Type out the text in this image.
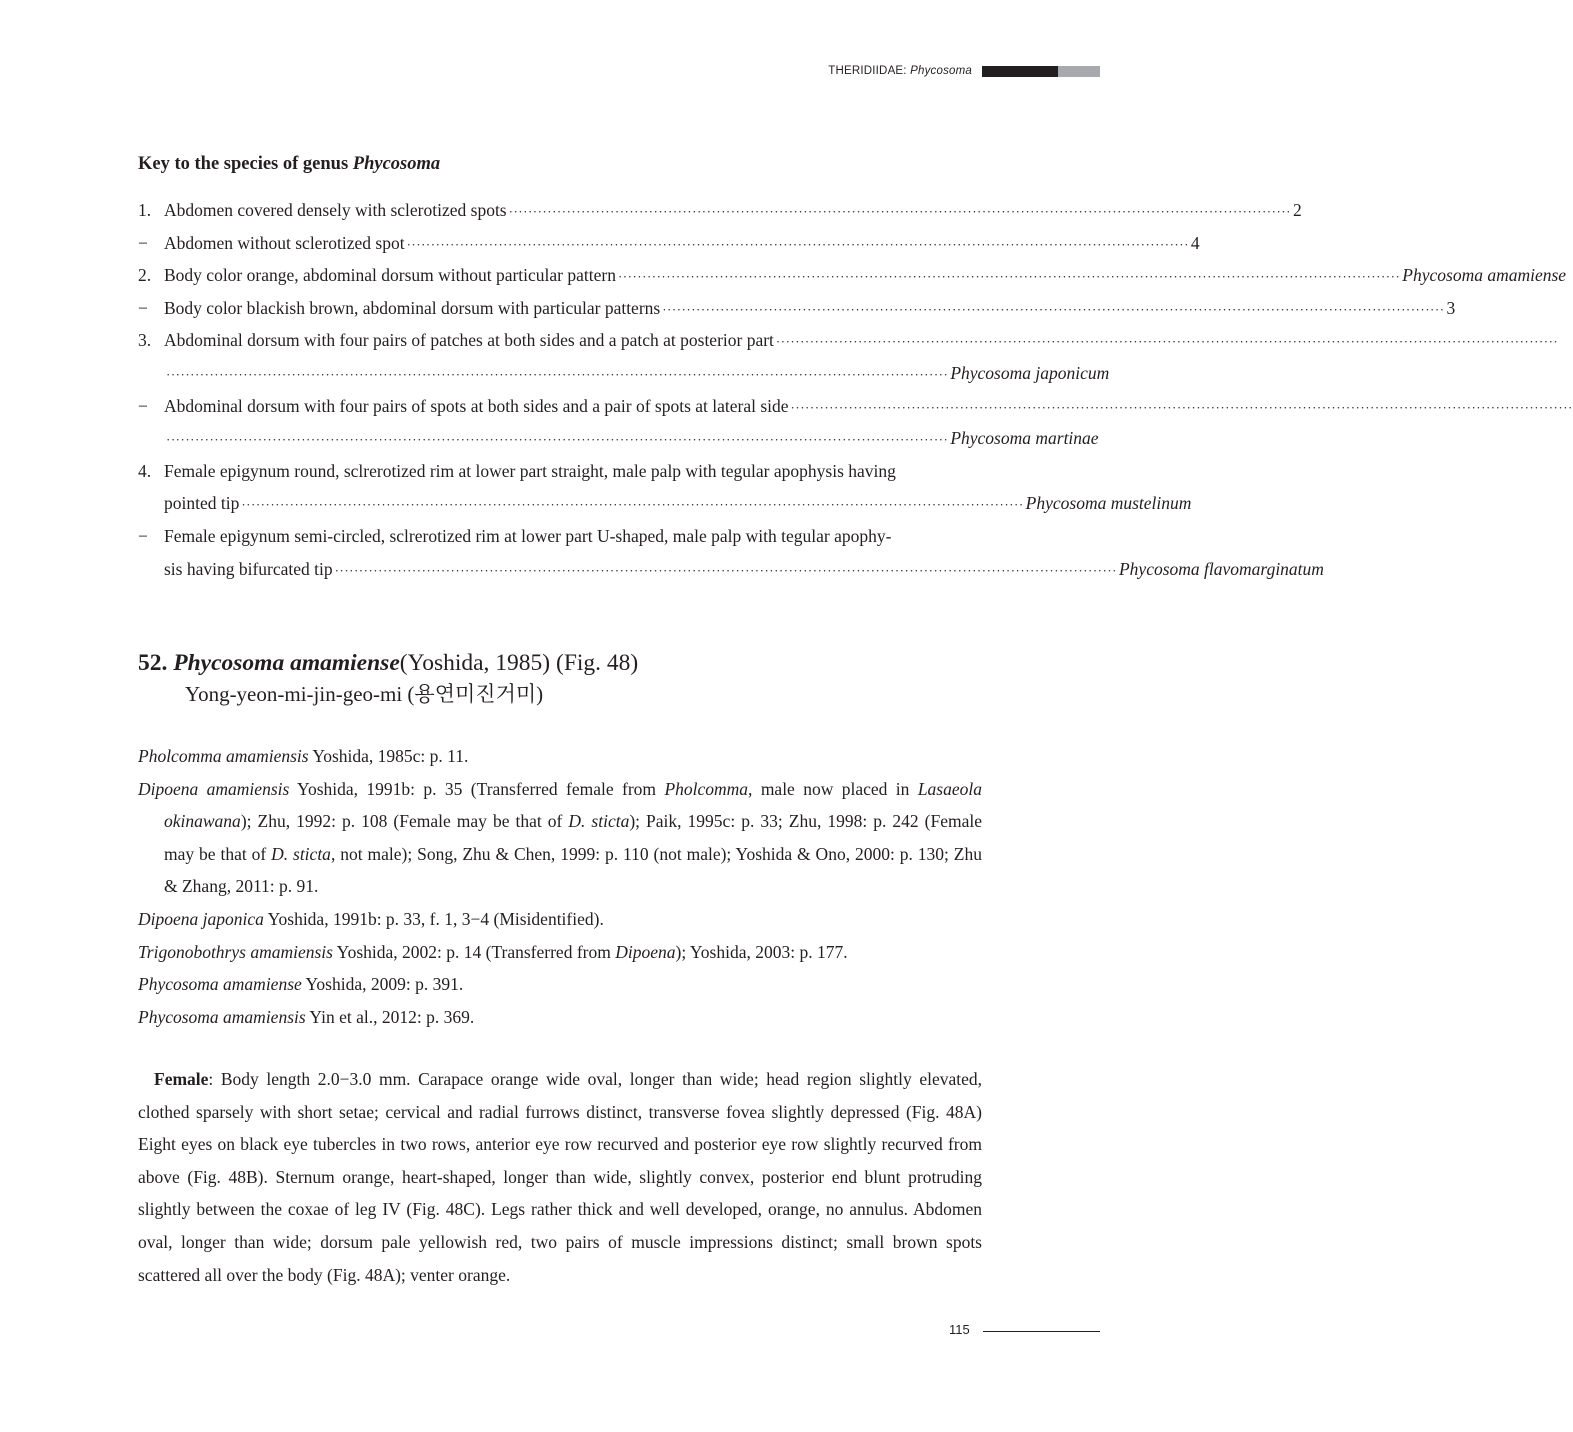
THERIDIIDAE: Phycosoma
Key to the species of genus Phycosoma
1. Abdomen covered densely with sclerotized spots ·································································································································································· 2
− Abdomen without sclerotized spot ·································································································································································· 4
2. Body color orange, abdominal dorsum without particular pattern ·································································································································································· Phycosoma amamiense
− Body color blackish brown, abdominal dorsum with particular patterns ·································································································································································· 3
3. Abdominal dorsum with four pairs of patches at both sides and a patch at posterior part ··································································································································································
·································································································································································· Phycosoma japonicum
− Abdominal dorsum with four pairs of spots at both sides and a pair of spots at lateral side ··································································································································································
·································································································································································· Phycosoma martinae
4. Female epigynum round, sclrerotized rim at lower part straight, male palp with tegular apophysis having
pointed tip ·································································································································································· Phycosoma mustelinum
− Female epigynum semi-circled, sclrerotized rim at lower part U-shaped, male palp with tegular apophy-
sis having bifurcated tip ·································································································································································· Phycosoma flavomarginatum
52. Phycosoma amamiense(Yoshida, 1985) (Fig. 48)
Yong-yeon-mi-jin-geo-mi (용연미진거미)
Pholcomma amamiensis Yoshida, 1985c: p. 11.
Dipoena amamiensis Yoshida, 1991b: p. 35 (Transferred female from Pholcomma, male now placed in Lasaeola okinawana); Zhu, 1992: p. 108 (Female may be that of D. sticta); Paik, 1995c: p. 33; Zhu, 1998: p. 242 (Female may be that of D. sticta, not male); Song, Zhu & Chen, 1999: p. 110 (not male); Yoshida & Ono, 2000: p. 130; Zhu & Zhang, 2011: p. 91.
Dipoena japonica Yoshida, 1991b: p. 33, f. 1, 3−4 (Misidentified).
Trigonobothrys amamiensis Yoshida, 2002: p. 14 (Transferred from Dipoena); Yoshida, 2003: p. 177.
Phycosoma amamiense Yoshida, 2009: p. 391.
Phycosoma amamiensis Yin et al., 2012: p. 369.
Female: Body length 2.0−3.0 mm. Carapace orange wide oval, longer than wide; head region slightly elevated, clothed sparsely with short setae; cervical and radial furrows distinct, transverse fovea slightly depressed (Fig. 48A) Eight eyes on black eye tubercles in two rows, anterior eye row recurved and posterior eye row slightly recurved from above (Fig. 48B). Sternum orange, heart-shaped, longer than wide, slightly convex, posterior end blunt protruding slightly between the coxae of leg IV (Fig. 48C). Legs rather thick and well developed, orange, no annulus. Abdomen oval, longer than wide; dorsum pale yellowish red, two pairs of muscle impressions distinct; small brown spots scattered all over the body (Fig. 48A); venter orange.
115
